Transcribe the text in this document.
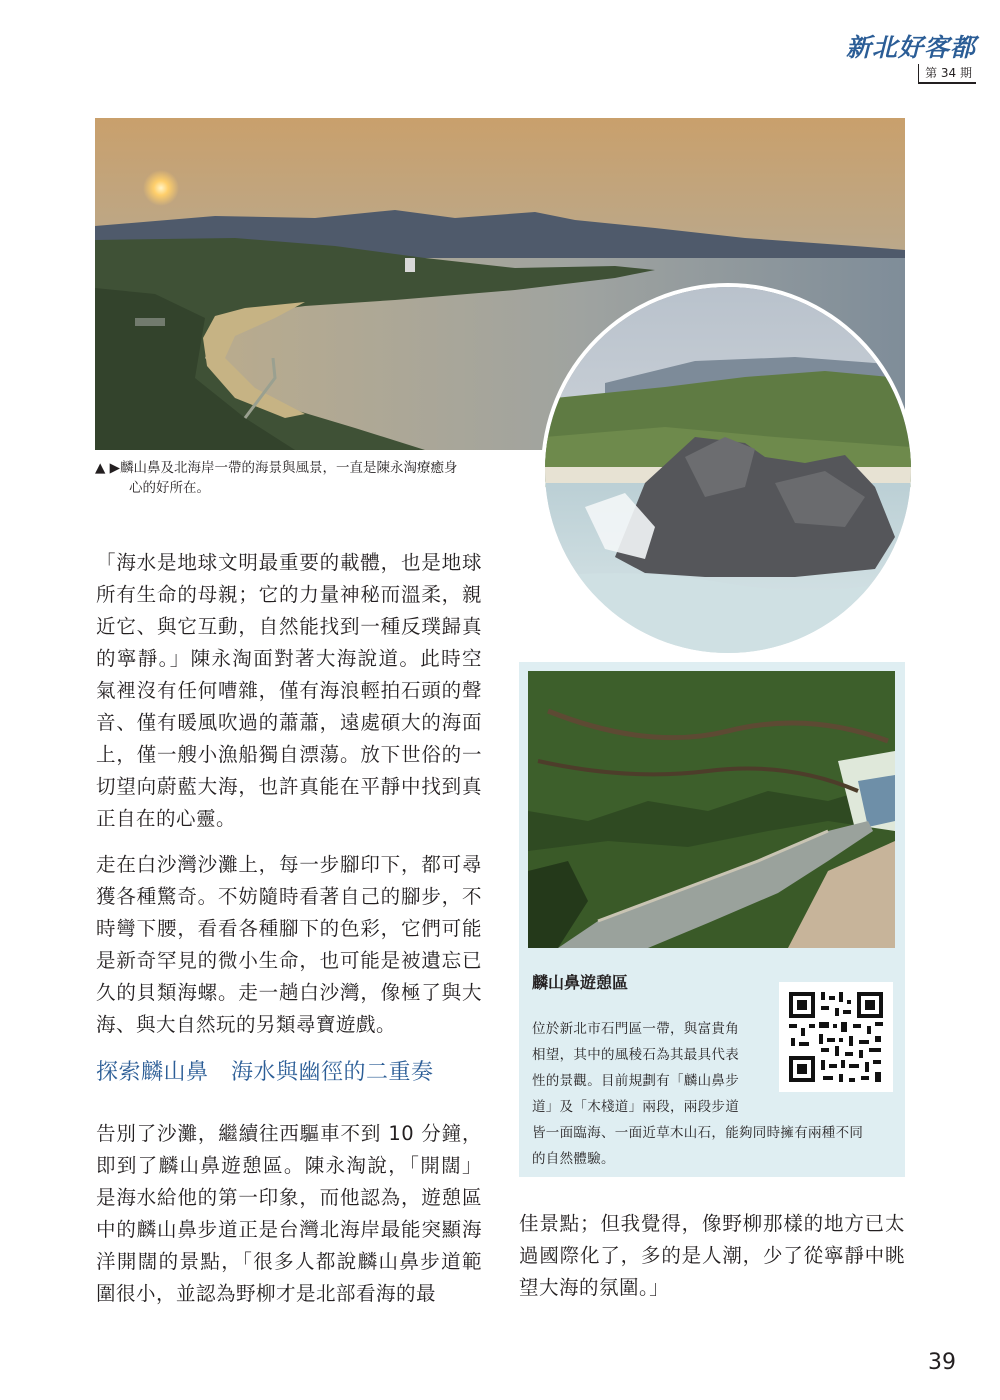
新北好客都
第 34 期
▲ ▶麟山鼻及北海岸一帶的海景與風景，一直是陳永淘療癒身
心的好所在。
「海水是地球文明最重要的載體，也是地球所有生命的母親；它的力量神秘而溫柔，親近它、與它互動，自然能找到一種反璞歸真的寧靜。」陳永淘面對著大海說道。此時空氣裡沒有任何嘈雜，僅有海浪輕拍石頭的聲音、僅有暖風吹過的蕭蕭，遠處碩大的海面上，僅一艘小漁船獨自漂蕩。放下世俗的一切望向蔚藍大海，也許真能在平靜中找到真正自在的心靈。
走在白沙灣沙灘上，每一步腳印下，都可尋獲各種驚奇。不妨隨時看著自己的腳步，不時彎下腰，看看各種腳下的色彩，它們可能是新奇罕見的微小生命，也可能是被遺忘已久的貝類海螺。走一趟白沙灣，像極了與大海、與大自然玩的另類尋寶遊戲。
探索麟山鼻　海水與幽徑的二重奏
告別了沙灘，繼續往西驅車不到 10 分鐘，即到了麟山鼻遊憩區。陳永淘說，「開闊」是海水給他的第一印象，而他認為，遊憩區中的麟山鼻步道正是台灣北海岸最能突顯海洋開闊的景點，「很多人都說麟山鼻步道範圍很小，並認為野柳才是北部看海的最
麟山鼻遊憩區
位於新北市石門區一帶，與富貴角
相望，其中的風稜石為其最具代表
性的景觀。目前規劃有「麟山鼻步
道」及「木棧道」兩段，兩段步道
皆一面臨海、一面近草木山石，能夠同時擁有兩種不同
的自然體驗。
佳景點；但我覺得，像野柳那樣的地方已太過國際化了，多的是人潮，少了從寧靜中眺望大海的氛圍。」
39
